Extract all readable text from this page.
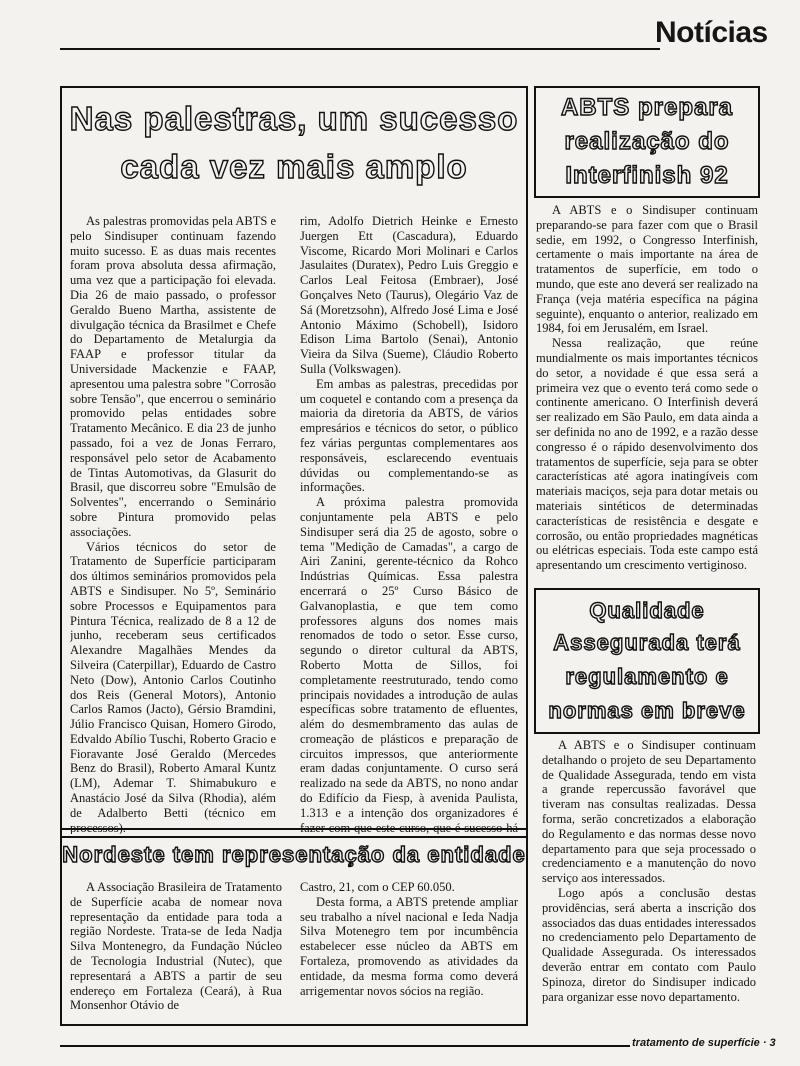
Notícias
Nas palestras, um sucesso
cada vez mais amplo

As palestras promovidas pela ABTS e pelo Sindisuper continuam fazendo muito sucesso. E as duas mais recentes foram prova absoluta dessa afirmação, uma vez que a participação foi elevada. Dia 26 de maio passado, o professor Geraldo Bueno Martha, assistente de divulgação técnica da Brasilmet e Chefe do Departamento de Metalurgia da FAAP e professor titular da Universidade Mackenzie e FAAP, apresentou uma palestra sobre "Corrosão sobre Tensão", que encerrou o seminário promovido pelas entidades sobre Tratamento Mecânico. E dia 23 de junho passado, foi a vez de Jonas Ferraro, responsável pelo setor de Acabamento de Tintas Automotivas, da Glasurit do Brasil, que discorreu sobre "Emulsão de Solventes", encerrando o Seminário sobre Pintura promovido pelas associações.

Vários técnicos do setor de Tratamento de Superfície participaram dos últimos seminários promovidos pela ABTS e Sindisuper. No 5º, Seminário sobre Processos e Equipamentos para Pintura Técnica, realizado de 8 a 12 de junho, receberam seus certificados Alexandre Magalhães Mendes da Silveira (Caterpillar), Eduardo de Castro Neto (Dow), Antonio Carlos Coutinho dos Reis (General Motors), Antonio Carlos Ramos (Jacto), Gérsio Bramdini, Júlio Francisco Quisan, Homero Girodo, Edvaldo Abílio Tuschi, Roberto Gracio e Fioravante José Geraldo (Mercedes Benz do Brasil), Roberto Amaral Kuntz (LM), Ademar T. Shimabukuro e Anastácio José da Silva (Rhodia), além de Adalberto Betti (técnico em processos).

rim, Adolfo Dietrich Heinke e Ernesto Juergen Ett (Cascadura), Eduardo Viscome, Ricardo Mori Molinari e Carlos Jasulaites (Duratex), Pedro Luis Greggio e Carlos Leal Feitosa (Embraer), José Gonçalves Neto (Taurus), Olegário Vaz de Sá (Moretzsohn), Alfredo José Lima e José Antonio Máximo (Schobell), Isidoro Edison Lima Bartolo (Senai), Antonio Vieira da Silva (Sueme), Cláudio Roberto Sulla (Volkswagen).

Em ambas as palestras, precedidas por um coquetel e contando com a presença da maioria da diretoria da ABTS, de vários empresários e técnicos do setor, o público fez várias perguntas complementares aos responsáveis, esclarecendo eventuais dúvidas ou complementando-se as informações.

A próxima palestra promovida conjuntamente pela ABTS e pelo Sindisuper será dia 25 de agosto, sobre o tema "Medição de Camadas", a cargo de Airi Zanini, gerente-técnico da Rohco Indústrias Químicas. Essa palestra encerrará o 25º Curso Básico de Galvanoplastia, e que tem como professores alguns dos nomes mais renomados de todo o setor. Esse curso, segundo o diretor cultural da ABTS, Roberto Motta de Sillos, foi completamente reestruturado, tendo como principais novidades a introdução de aulas específicas sobre tratamento de efluentes, além do desmembramento das aulas de cromeação de plásticos e preparação de circuitos impressos, que anteriormente eram dadas conjuntamente. O curso será realizado na sede da ABTS, no nono andar do Edifício da Fiesp, à avenida Paulista, 1.313 e a intenção dos organizadores é fazer com que este curso, que é sucesso há

ABTS prepara
realização do
Interfinish 92

A ABTS e o Sindisuper continuam preparando-se para fazer com que o Brasil sedie, em 1992, o Congresso Interfinish, certamente o mais importante na área de tratamentos de superfície, em todo o mundo, que este ano deverá ser realizado na França (veja matéria específica na página seguinte), enquanto o anterior, realizado em 1984, foi em Jerusalém, em Israel.

Nessa realização, que reúne mundialmente os mais importantes técnicos do setor, a novidade é que essa será a primeira vez que o evento terá como sede o continente americano. O Interfinish deverá ser realizado em São Paulo, em data ainda a ser definida no ano de 1992, e a razão desse congresso é o rápido desenvolvimento dos tratamentos de superfície, seja para se obter características até agora inatingíveis com materiais maciços, seja para dotar metais ou materiais sintéticos de determinadas características de resistência e desgate e corrosão, ou então propriedades magnéticas ou elétricas especiais. Toda este campo está apresentando um crescimento vertiginoso.

Qualidade
Assegurada terá
regulamento e
normas em breve

A ABTS e o Sindisuper continuam detalhando o projeto de seu Departamento de Qualidade Assegurada, tendo em vista a grande repercussão favorável que tiveram nas consultas realizadas. Dessa forma, serão concretizados a elaboração do Regulamento e das normas desse novo departamento para que seja processado o credenciamento e a manutenção do novo serviço aos interessados.

Logo após a conclusão destas providências, será aberta a inscrição dos associados das duas entidades interessados no credenciamento pelo Departamento de Qualidade Assegurada. Os interessados deverão entrar em contato com Paulo Spinoza, diretor do Sindisuper indicado para organizar esse novo departamento.

Nordeste tem representação da entidade

A Associação Brasileira de Tratamento de Superfície acaba de nomear nova representação da entidade para toda a região Nordeste. Trata-se de Ieda Nadja Silva Montenegro, da Fundação Núcleo de Tecnologia Industrial (Nutec), que representará a ABTS a partir de seu endereço em Fortaleza (Ceará), à Rua Monsenhor Otávio de

Castro, 21, com o CEP 60.050.

Desta forma, a ABTS pretende ampliar seu trabalho a nível nacional e Ieda Nadja Silva Motenegro tem por incumbência estabelecer esse núcleo da ABTS em Fortaleza, promovendo as atividades da entidade, da mesma forma como deverá arrigementar novos sócios na região.

tratamento de superfície · 3
